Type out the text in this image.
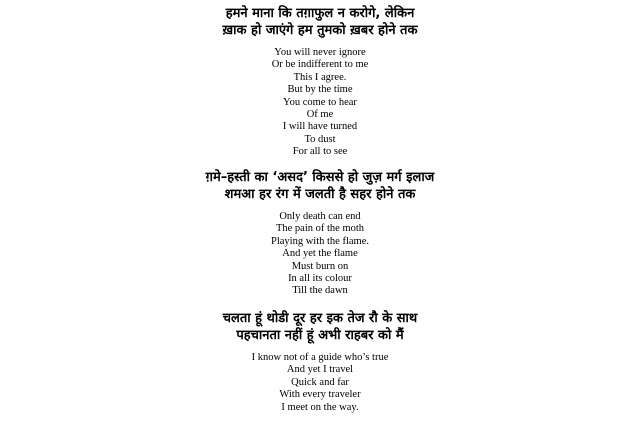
हमने माना कि तग़ाफुल न करोगे, लेकिन
ख़ाक हो जाएंगे हम तुमको ख़बर होने तक
You will never ignore
Or be indifferent to me
This I agree.
But by the time
You come to hear
Of me
I will have turned
To dust
For all to see
ग़मे–हस्ती का ‘असद’ किससे हो जुज़ मर्ग इलाज
शमआ हर रंग में जलती है सहर होने तक
Only death can end
The pain of the moth
Playing with the flame.
And yet the flame
Must burn on
In all its colour
Till the dawn
चलता हूं थोडी दूर हर इक तेज रौ के साथ
पहचानता नहीं हूं अभी राहबर को मैं
I know not of a guide who’s true
And yet I travel
Quick and far
With every traveler
I meet on the way.
